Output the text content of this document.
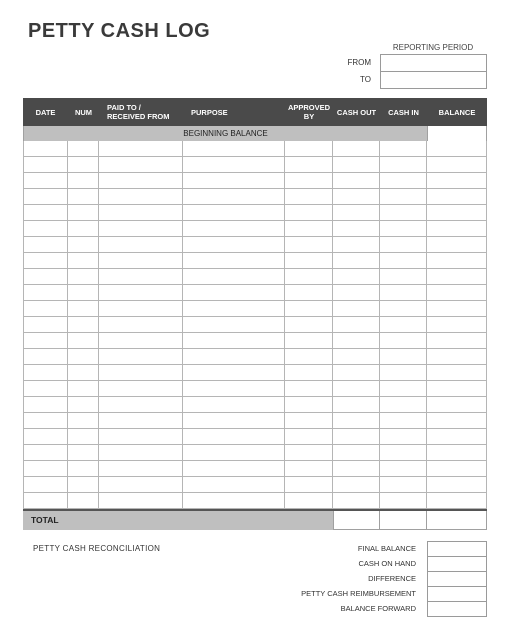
PETTY CASH LOG
REPORTING PERIOD
FROM
TO
DATE	NUM	PAID TO / RECEIVED FROM	PURPOSE	APPROVED BY	CASH OUT	CASH IN	BALANCE
BEGINNING BALANCE
TOTAL
PETTY CASH RECONCILIATION	FINAL BALANCE
CASH ON HAND
DIFFERENCE
PETTY CASH REIMBURSEMENT
BALANCE FORWARD
